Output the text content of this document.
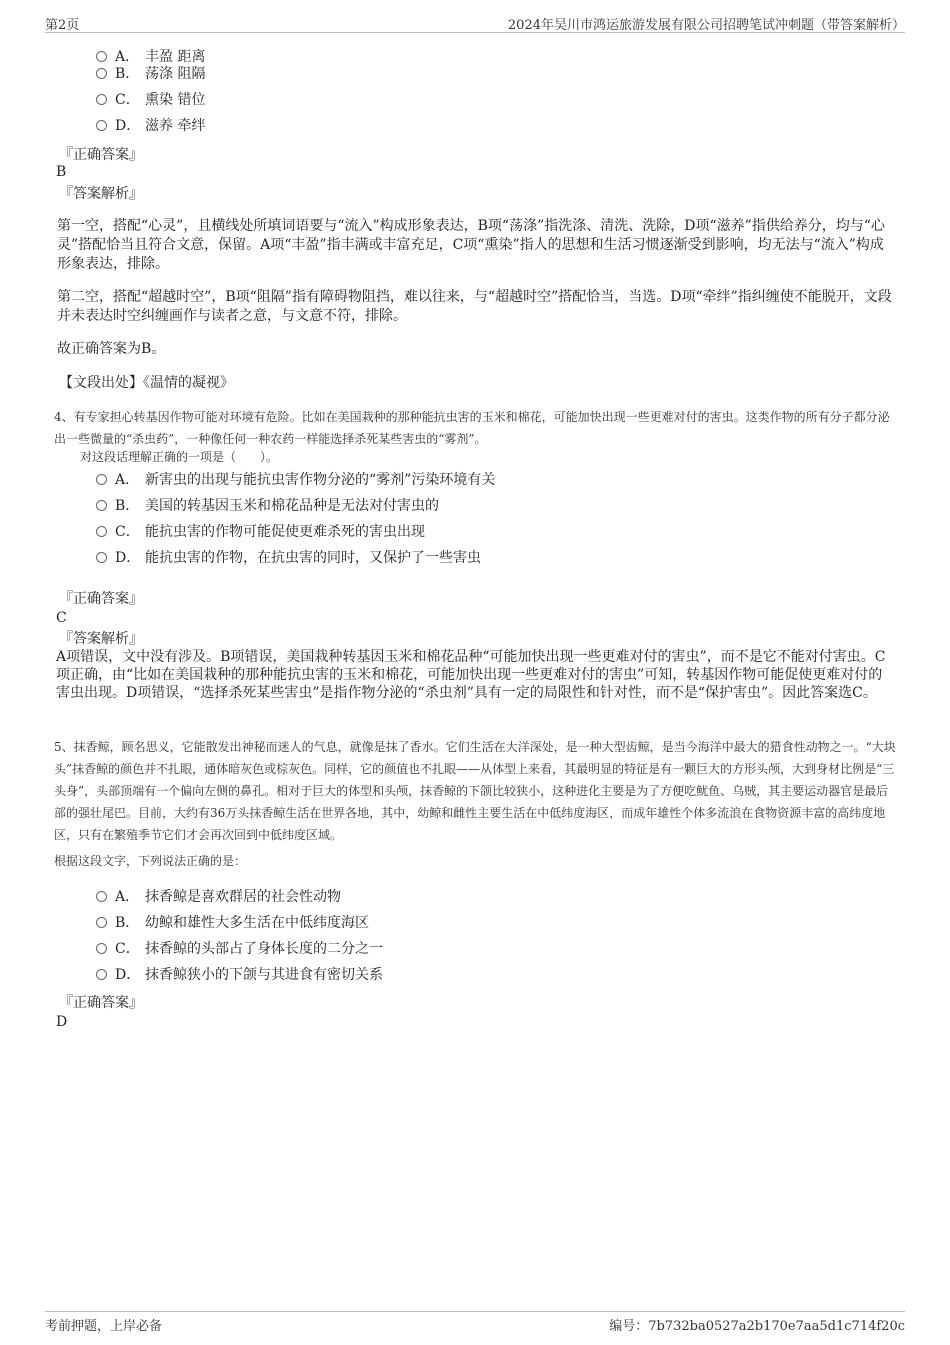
第2页	2024年吴川市鸿运旅游发展有限公司招聘笔试冲刺题（带答案解析）
A． 丰盈 距离
B． 荡涤 阻隔
C． 熏染 错位
D． 滋养 牵绊
『正确答案』
B
『答案解析』
第一空，搭配“心灵”，且横线处所填词语要与“流入”构成形象表达，B项“荡涤”指洗涤、清洗、洗除，D项“滋养”指供给养分，均与“心灵”搭配恰当且符合文意，保留。A项“丰盈”指丰满或丰富充足，C项“熏染”指人的思想和生活习惯逐渐受到影响，均无法与“流入”构成形象表达，排除。
第二空，搭配“超越时空”，B项“阻隔”指有障碍物阻挡，难以往来，与“超越时空”搭配恰当，当选。D项“牵绊”指纠缠使不能脱开，文段并未表达时空纠缠画作与读者之意，与文意不符，排除。
故正确答案为B。
【文段出处】《温情的凝视》
4、有专家担心转基因作物可能对环境有危险。比如在美国栽种的那种能抗虫害的玉米和棉花，可能加快出现一些更难对付的害虫。这类作物的所有分子都分泌出一些微量的“杀虫药”，一种像任何一种农药一样能选择杀死某些害虫的“雾剂”。
对这段话理解正确的一项是（　　）。
A． 新害虫的出现与能抗虫害作物分泌的“雾剂”污染环境有关
B． 美国的转基因玉米和棉花品种是无法对付害虫的
C． 能抗虫害的作物可能促使更难杀死的害虫出现
D． 能抗虫害的作物，在抗虫害的同时，又保护了一些害虫
『正确答案』
C
『答案解析』
A项错误，文中没有涉及。B项错误，美国栽种转基因玉米和棉花品种“可能加快出现一些更难对付的害虫”，而不是它不能对付害虫。C项正确，由“比如在美国栽种的那种能抗虫害的玉米和棉花，可能加快出现一些更难对付的害虫”可知，转基因作物可能促使更难对付的害虫出现。D项错误，“选择杀死某些害虫”是指作物分泌的“杀虫剂”具有一定的局限性和针对性，而不是“保护害虫”。因此答案选C。
5、抹香鲸，顾名思义，它能散发出神秘而迷人的气息，就像是抹了香水。它们生活在大洋深处，是一种大型齿鲸，是当今海洋中最大的猎食性动物之一。“大块头”抹香鲸的颜色并不扎眼，通体暗灰色或棕灰色。同样，它的颜值也不扎眼——从体型上来看，其最明显的特征是有一颗巨大的方形头颅，大到身材比例是“三头身”，头部顶端有一个偏向左侧的鼻孔。相对于巨大的体型和头颅，抹香鲸的下颌比较狭小，这种进化主要是为了方便吃鱿鱼、乌贼，其主要运动器官是最后部的强壮尾巴。目前，大约有36万头抹香鲸生活在世界各地，其中，幼鲸和雌性主要生活在中低纬度海区，而成年雄性个体多流浪在食物资源丰富的高纬度地区，只有在繁殖季节它们才会再次回到中低纬度区域。
根据这段文字，下列说法正确的是：
A． 抹香鲸是喜欢群居的社会性动物
B． 幼鲸和雄性大多生活在中低纬度海区
C． 抹香鲸的头部占了身体长度的二分之一
D． 抹香鲸狭小的下颌与其进食有密切关系
『正确答案』
D
考前押题，上岸必备	编号：7b732ba0527a2b170e7aa5d1c714f20c
